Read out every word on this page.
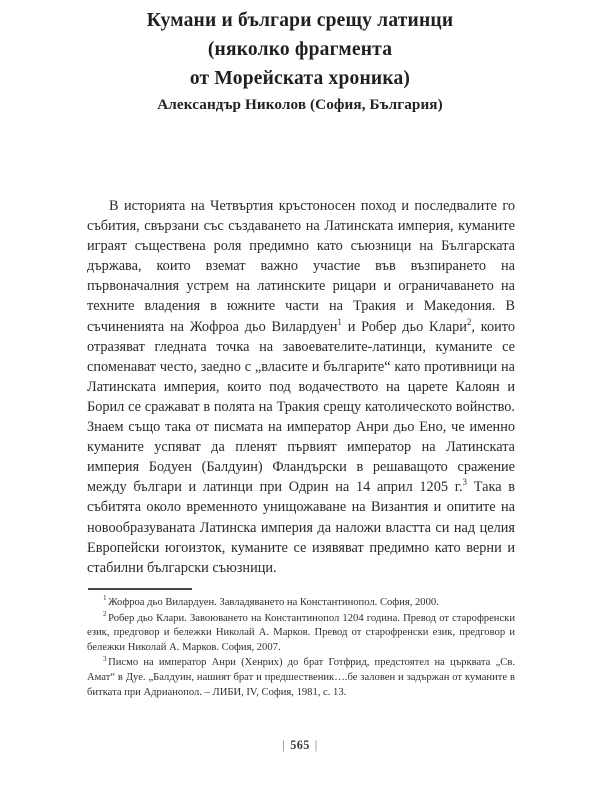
Кумани и българи срещу латинци
(няколко фрагмента
от Морейската хроника)
Александър Николов (София, България)

В историята на Четвъртия кръстоносен поход и последвалите го събития, свързани със създаването на Латинската империя, куманите играят съществена роля предимно като съюзници на Българската държава, които вземат важно участие във възпирането на първоначалния устрем на латинските рицари и ограничаването на техните владения в южните части на Тракия и Македония. В съчиненията на Жофроа дьо Вилардуен$^1$ и Робер дьо Клари$^2$, които отразяват гледната точка на завоевателите-латинци, куманите се споменават често, заедно с „власите и българите“ като противници на Латинската империя, които под водачеството на царете Калоян и Борил се сражават в полята на Тракия срещу католическото войнство. Знаем също така от писмата на император Анри дьо Ено, че именно куманите успяват да пленят първият император на Латинската империя Бодуен (Балдуин) Фландърски в решаващото сражение между българи и латинци при Одрин на 14 април 1205 г.$^3$ Така в събитята около временното унищожаване на Византия и опитите на новообразуваната Латинска империя да наложи властта си над целия Европейски югоизток, куманите се изявяват предимно като верни и стабилни български съюзници.

$^1$ Жофроа дьо Вилардуен. Завладяването на Константинопол. София, 2000.

$^2$ Робер дьо Клари. Завоюването на Константинопол 1204 година. Превод от старофренски език, предговор и бележки Николай А. Марков. Превод от старофренски език, предговор и бележки Николай А. Марков. София, 2007.

$^3$ Писмо на император Анри (Хенрих) до брат Готфрид, предстоятел на църквата „Св. Амат“ в Дуе. „Балдуин, нашият брат и предшественик….бе заловен и задържан от куманите в битката при Адрианопол. – ЛИБИ, IV, София, 1981, с. 13.

| 565 |
